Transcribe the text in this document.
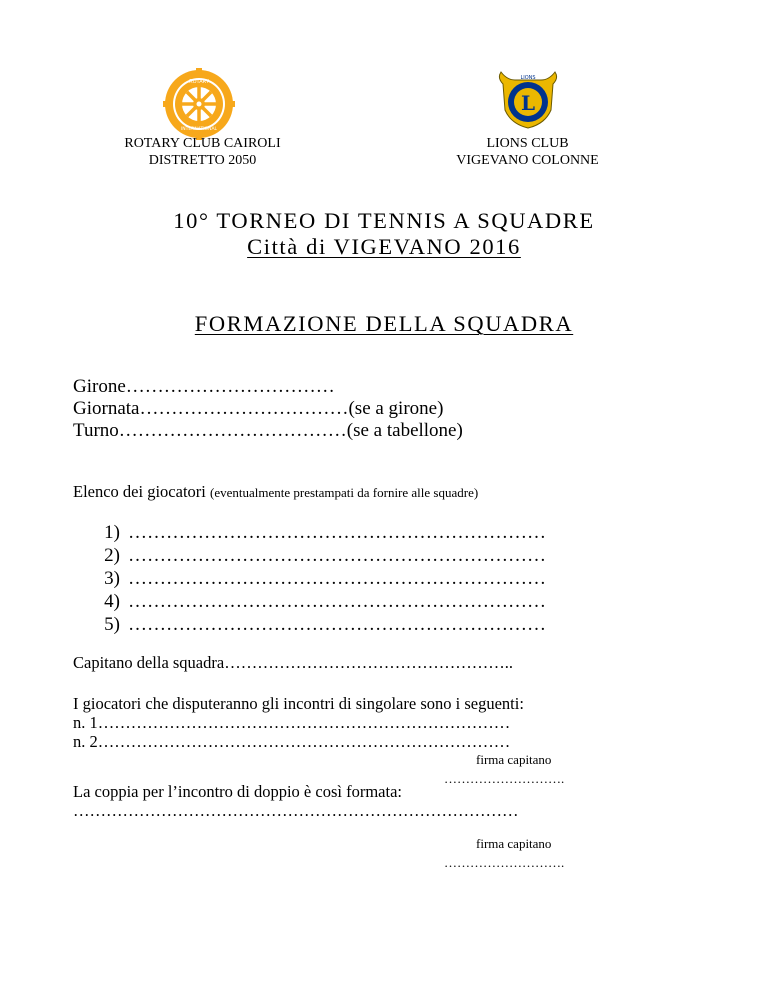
ROTARY
INTERNATIONAL
L
LIONS
ROTARY CLUB CAIROLI
DISTRETTO 2050
LIONS CLUB
VIGEVANO COLONNE
10° TORNEO DI TENNIS A SQUADRE
Città di VIGEVANO 2016
FORMAZIONE DELLA SQUADRA
Girone……………………………
Giornata……………………………(se a girone)
Turno………………………………(se a tabellone)
Elenco dei giocatori (eventualmente prestampati da fornire alle squadre)
1) …………………………………………………………
2) …………………………………………………………
3) …………………………………………………………
4) …………………………………………………………
5) …………………………………………………………
Capitano della squadra……………………………………………..
I giocatori che disputeranno gli incontri di singolare sono i seguenti:
n. 1…………………………………………………………………
n. 2…………………………………………………………………
firma capitano
……………………….
La coppia per l’incontro di doppio è così formata:
………………………………………………………………………
firma capitano
……………………….
